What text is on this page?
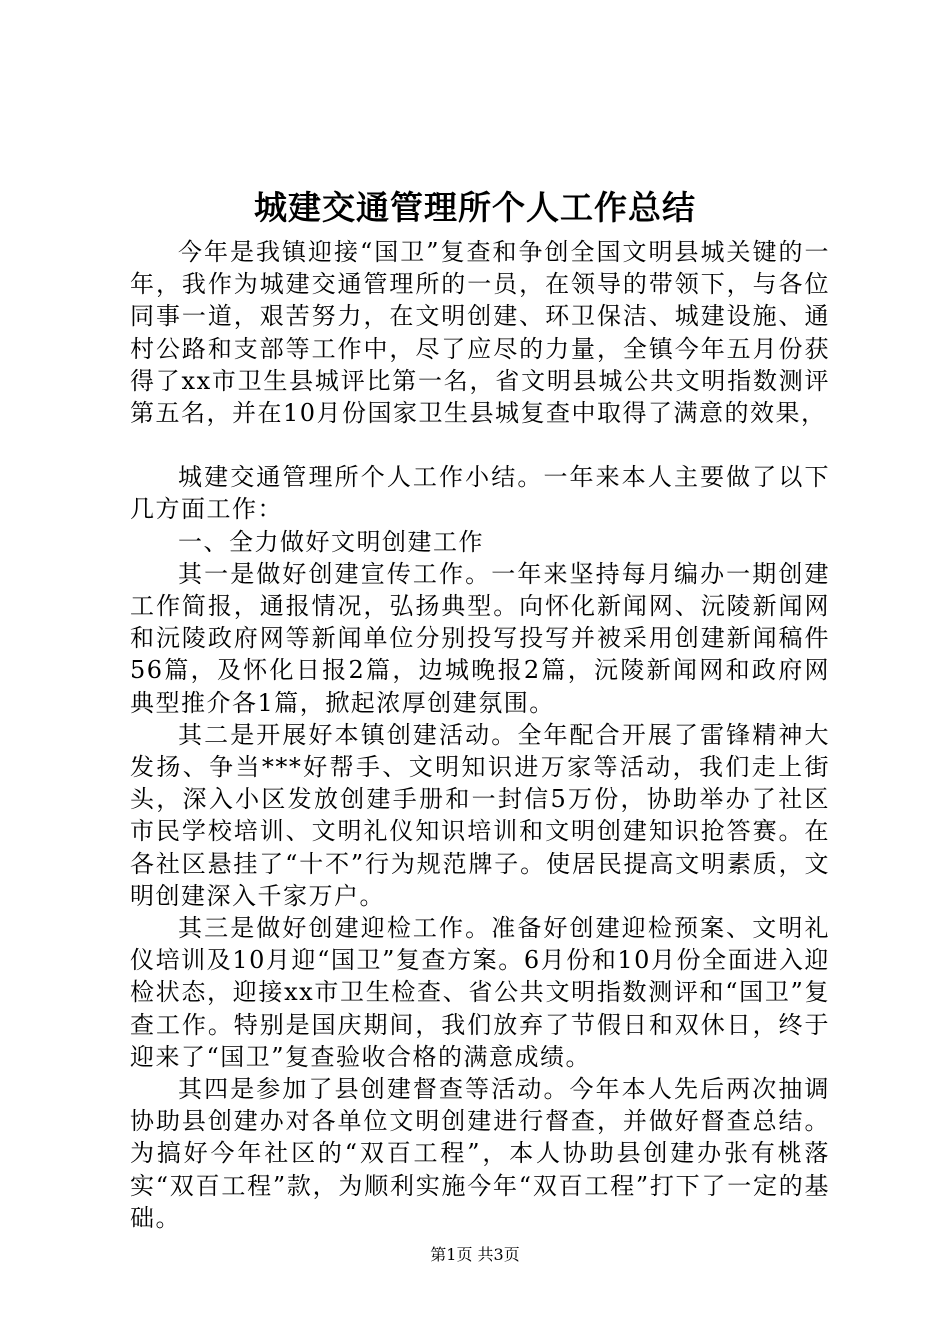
城建交通管理所个人工作总结

今年是我镇迎接“国卫”复查和争创全国文明县城关键的一年，我作为城建交通管理所的一员，在领导的带领下，与各位同事一道，艰苦努力，在文明创建、环卫保洁、城建设施、通村公路和支部等工作中，尽了应尽的力量，全镇今年五月份获得了xx市卫生县城评比第一名，省文明县城公共文明指数测评第五名，并在10月份国家卫生县城复查中取得了满意的效果，

城建交通管理所个人工作小结。一年来本人主要做了以下几方面工作：

一、全力做好文明创建工作

其一是做好创建宣传工作。一年来坚持每月编办一期创建工作简报，通报情况，弘扬典型。向怀化新闻网、沅陵新闻网和沅陵政府网等新闻单位分别投写投写并被采用创建新闻稿件56篇，及怀化日报2篇，边城晚报2篇，沅陵新闻网和政府网典型推介各1篇，掀起浓厚创建氛围。

其二是开展好本镇创建活动。全年配合开展了雷锋精神大发扬、争当***好帮手、文明知识进万家等活动，我们走上街头，深入小区发放创建手册和一封信5万份，协助举办了社区市民学校培训、文明礼仪知识培训和文明创建知识抢答赛。在各社区悬挂了“十不”行为规范牌子。使居民提高文明素质，文明创建深入千家万户。

其三是做好创建迎检工作。准备好创建迎检预案、文明礼仪培训及10月迎“国卫”复查方案。6月份和10月份全面进入迎检状态，迎接xx市卫生检查、省公共文明指数测评和“国卫”复查工作。特别是国庆期间，我们放弃了节假日和双休日，终于迎来了“国卫”复查验收合格的满意成绩。

其四是参加了县创建督查等活动。今年本人先后两次抽调协助县创建办对各单位文明创建进行督查，并做好督查总结。为搞好今年社区的“双百工程”，本人协助县创建办张有桃落实“双百工程”款，为顺利实施今年“双百工程”打下了一定的基础。

第1页 共3页
